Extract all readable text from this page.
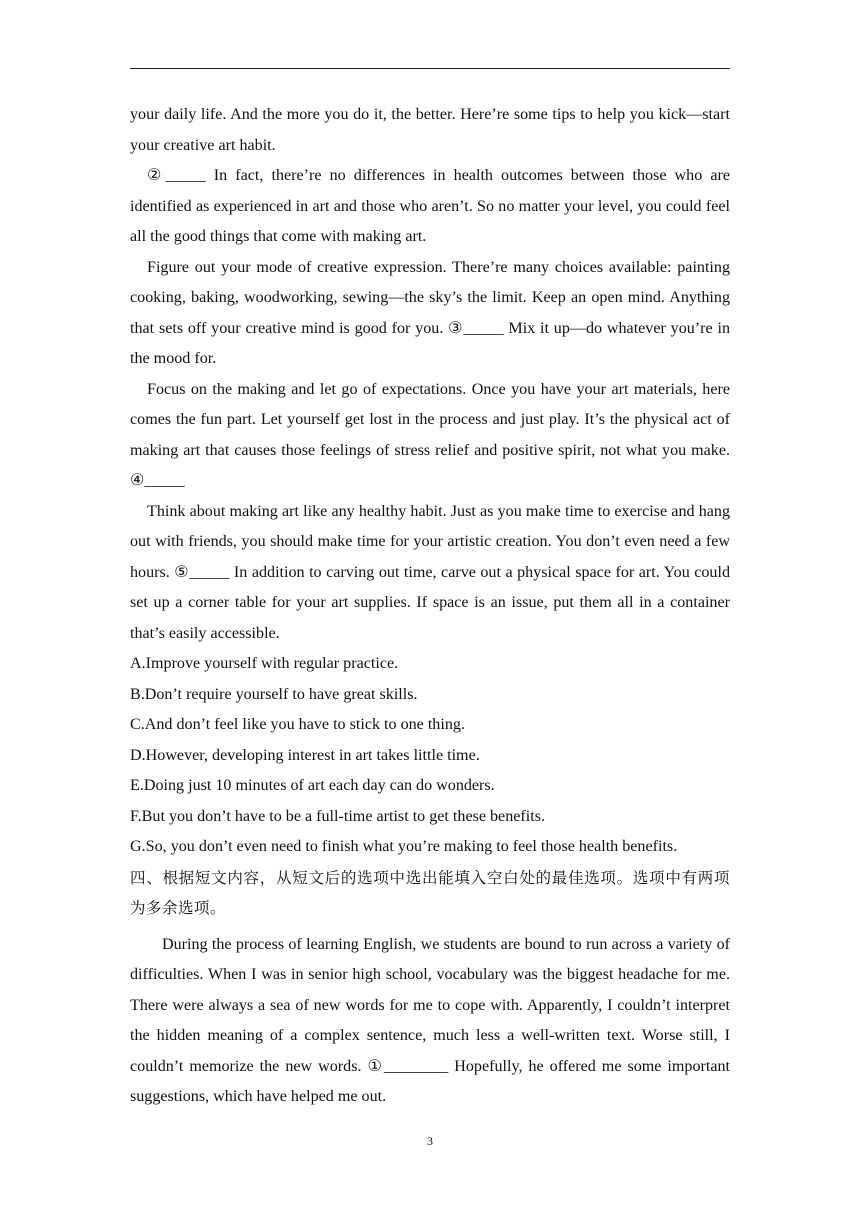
your daily life. And the more you do it, the better. Here’re some tips to help you kick—start your creative art habit.

②_____ In fact, there’re no differences in health outcomes between those who are identified as experienced in art and those who aren’t. So no matter your level, you could feel all the good things that come with making art.

Figure out your mode of creative expression. There’re many choices available: painting cooking, baking, woodworking, sewing—the sky’s the limit. Keep an open mind. Anything that sets off your creative mind is good for you. ③_____ Mix it up—do whatever you’re in the mood for.

Focus on the making and let go of expectations. Once you have your art materials, here comes the fun part. Let yourself get lost in the process and just play. It’s the physical act of making art that causes those feelings of stress relief and positive spirit, not what you make. ④_____

Think about making art like any healthy habit. Just as you make time to exercise and hang out with friends, you should make time for your artistic creation. You don’t even need a few hours. ⑤_____ In addition to carving out time, carve out a physical space for art. You could set up a corner table for your art supplies. If space is an issue, put them all in a container that’s easily accessible.

A.Improve yourself with regular practice.

B.Don’t require yourself to have great skills.

C.And don’t feel like you have to stick to one thing.

D.However, developing interest in art takes little time.

E.Doing just 10 minutes of art each day can do wonders.

F.But you don’t have to be a full-time artist to get these benefits.

G.So, you don’t even need to finish what you’re making to feel those health benefits.

四、根据短文内容，从短文后的选项中选出能填入空白处的最佳选项。选项中有两项为多余选项。

During the process of learning English, we students are bound to run across a variety of difficulties. When I was in senior high school, vocabulary was the biggest headache for me. There were always a sea of new words for me to cope with. Apparently, I couldn’t interpret the hidden meaning of a complex sentence, much less a well-written text. Worse still, I couldn’t memorize the new words. ①________ Hopefully, he offered me some important suggestions, which have helped me out.

3
